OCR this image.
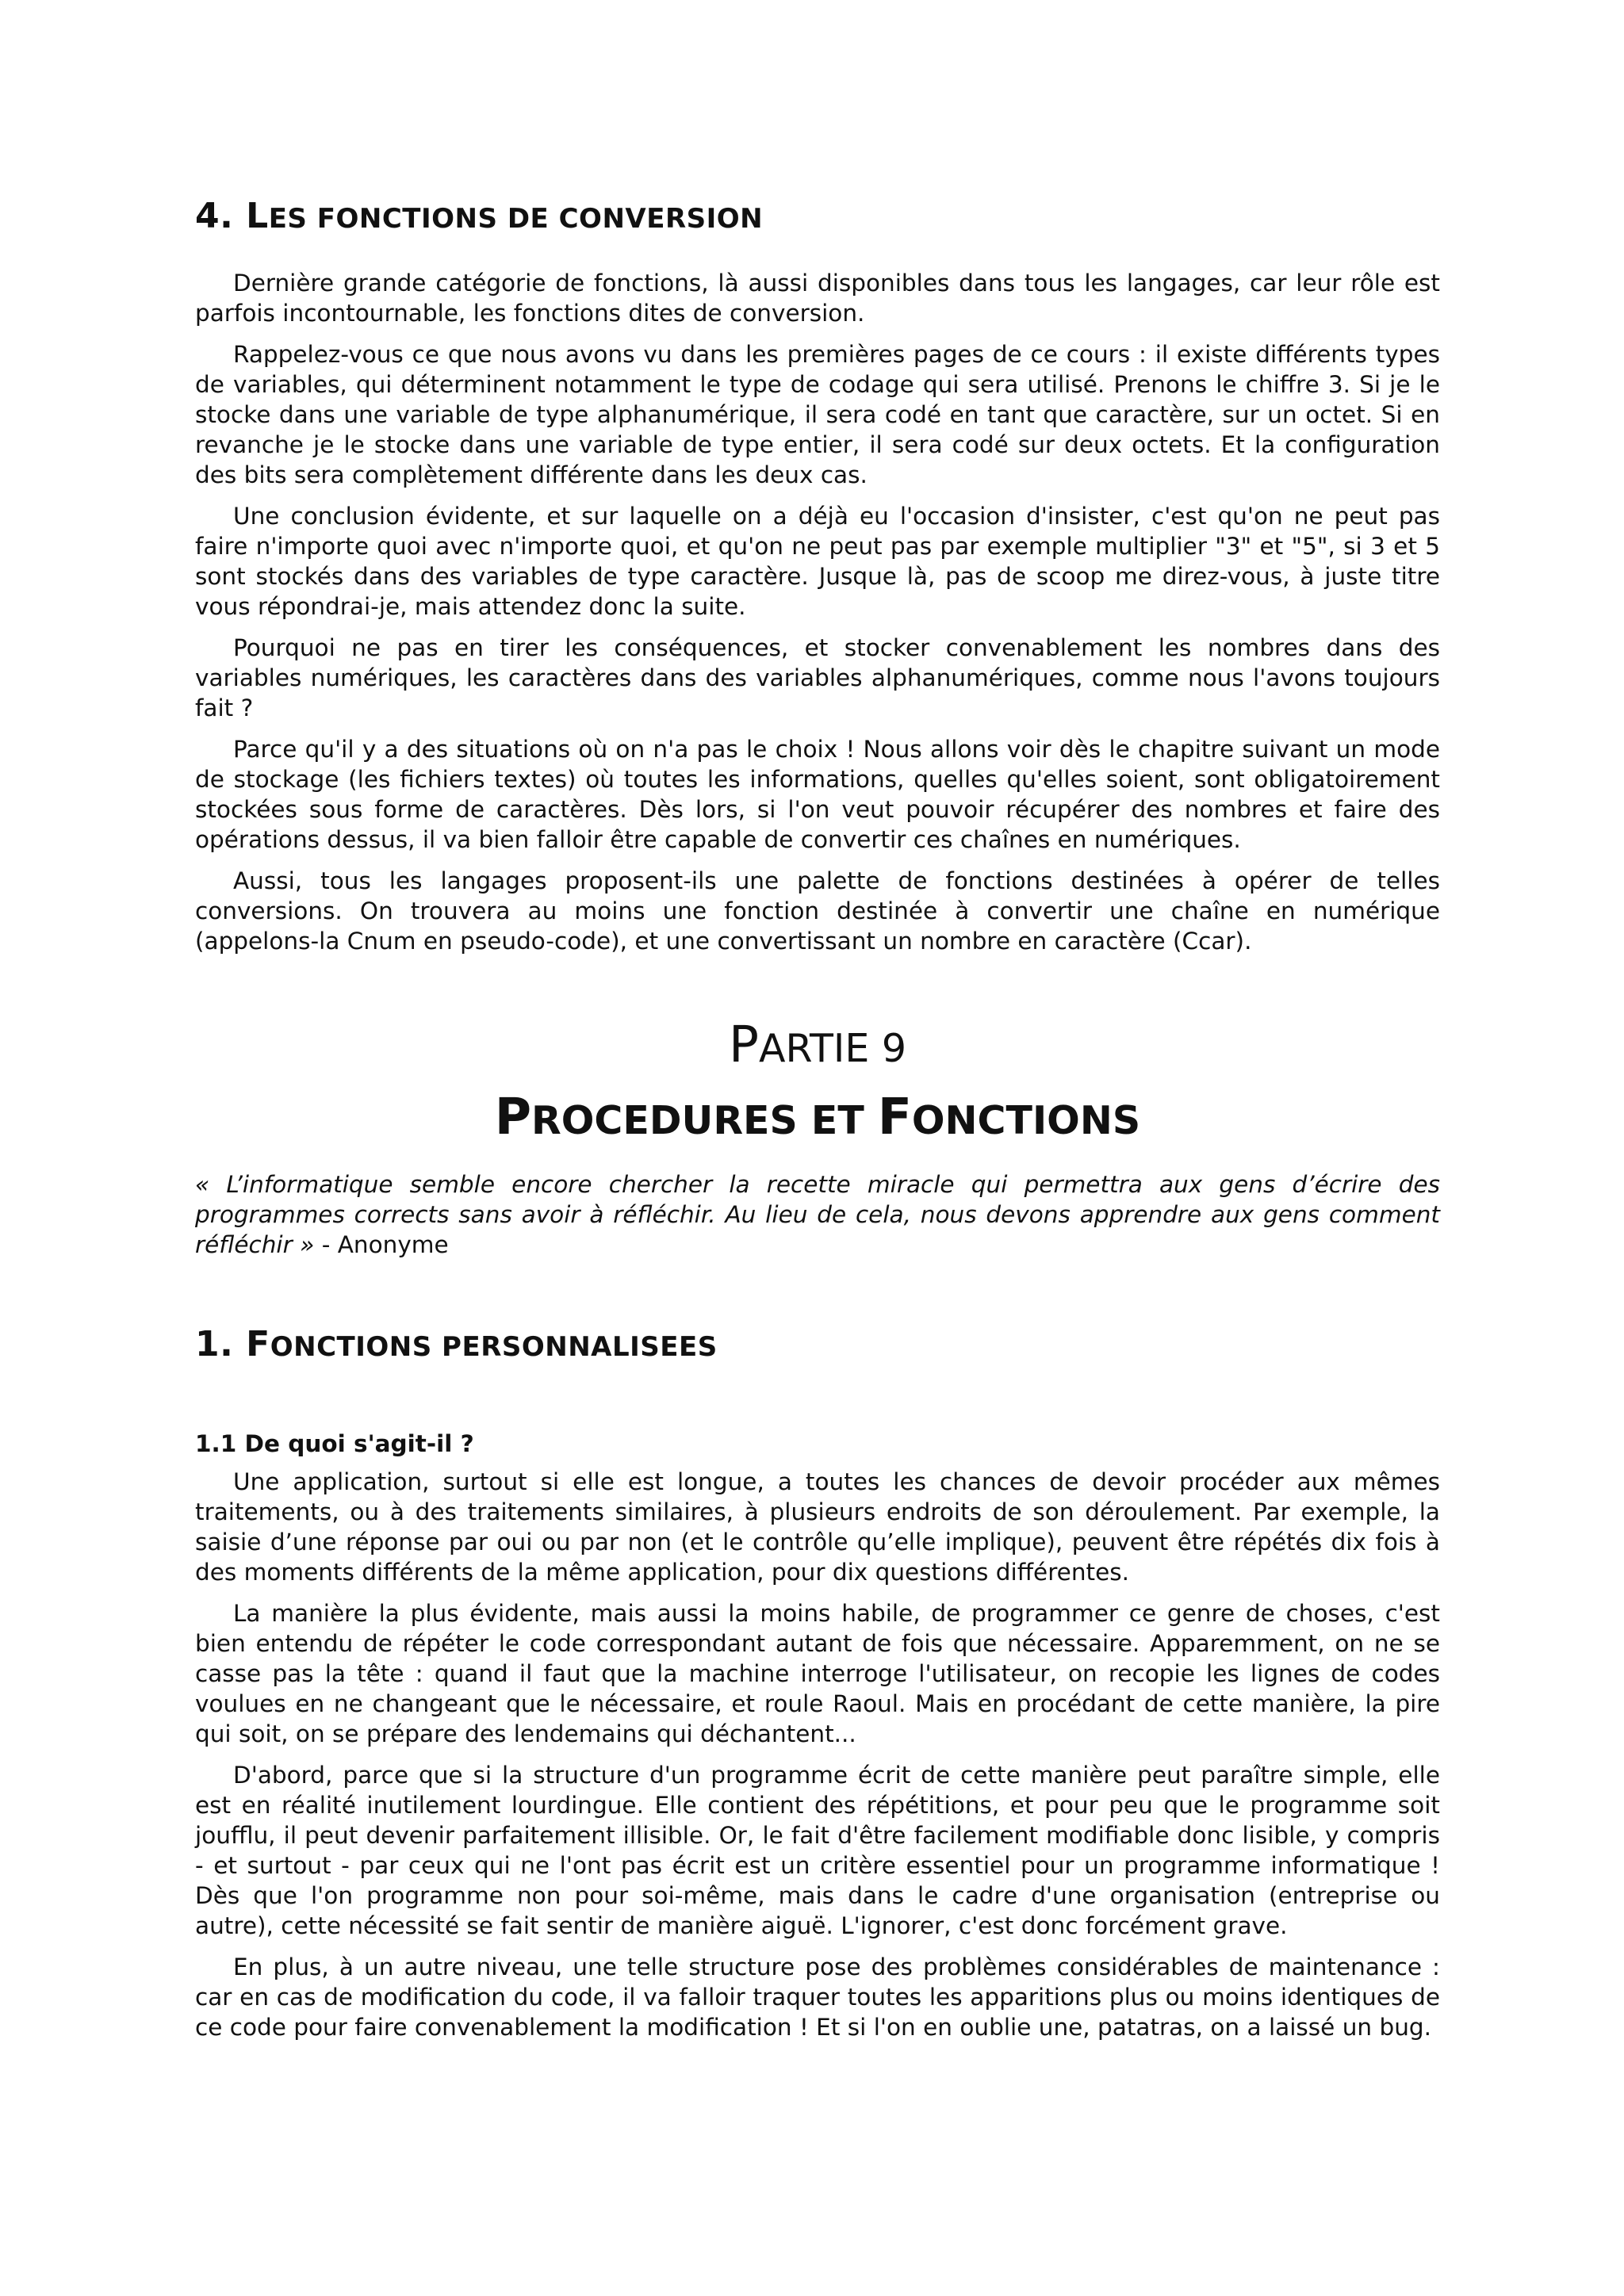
4. LES FONCTIONS DE CONVERSION

Dernière grande catégorie de fonctions, là aussi disponibles dans tous les langages, car leur rôle est parfois incontournable, les fonctions dites de conversion.

Rappelez-vous ce que nous avons vu dans les premières pages de ce cours : il existe différents types de variables, qui déterminent notamment le type de codage qui sera utilisé. Prenons le chiffre 3. Si je le stocke dans une variable de type alphanumérique, il sera codé en tant que caractère, sur un octet. Si en revanche je le stocke dans une variable de type entier, il sera codé sur deux octets. Et la configuration des bits sera complètement différente dans les deux cas.

Une conclusion évidente, et sur laquelle on a déjà eu l'occasion d'insister, c'est qu'on ne peut pas faire n'importe quoi avec n'importe quoi, et qu'on ne peut pas par exemple multiplier "3" et "5", si 3 et 5 sont stockés dans des variables de type caractère. Jusque là, pas de scoop me direz-vous, à juste titre vous répondrai-je, mais attendez donc la suite.

Pourquoi ne pas en tirer les conséquences, et stocker convenablement les nombres dans des variables numériques, les caractères dans des variables alphanumériques, comme nous l'avons toujours fait ?

Parce qu'il y a des situations où on n'a pas le choix ! Nous allons voir dès le chapitre suivant un mode de stockage (les fichiers textes) où toutes les informations, quelles qu'elles soient, sont obligatoirement stockées sous forme de caractères. Dès lors, si l'on veut pouvoir récupérer des nombres et faire des opérations dessus, il va bien falloir être capable de convertir ces chaînes en numériques.

Aussi, tous les langages proposent-ils une palette de fonctions destinées à opérer de telles conversions. On trouvera au moins une fonction destinée à convertir une chaîne en numérique (appelons-la Cnum en pseudo-code), et une convertissant un nombre en caractère (Ccar).

PARTIE 9

PROCEDURES ET FONCTIONS

« L’informatique semble encore chercher la recette miracle qui permettra aux gens d’écrire des programmes corrects sans avoir à réfléchir. Au lieu de cela, nous devons apprendre aux gens comment réfléchir » - Anonyme

1. FONCTIONS PERSONNALISEES
1.1 De quoi s'agit-il ?

Une application, surtout si elle est longue, a toutes les chances de devoir procéder aux mêmes traitements, ou à des traitements similaires, à plusieurs endroits de son déroulement. Par exemple, la saisie d’une réponse par oui ou par non (et le contrôle qu’elle implique), peuvent être répétés dix fois à des moments différents de la même application, pour dix questions différentes.

La manière la plus évidente, mais aussi la moins habile, de programmer ce genre de choses, c'est bien entendu de répéter le code correspondant autant de fois que nécessaire. Apparemment, on ne se casse pas la tête : quand il faut que la machine interroge l'utilisateur, on recopie les lignes de codes voulues en ne changeant que le nécessaire, et roule Raoul. Mais en procédant de cette manière, la pire qui soit, on se prépare des lendemains qui déchantent...

D'abord, parce que si la structure d'un programme écrit de cette manière peut paraître simple, elle est en réalité inutilement lourdingue. Elle contient des répétitions, et pour peu que le programme soit joufflu, il peut devenir parfaitement illisible. Or, le fait d'être facilement modifiable donc lisible, y compris - et surtout - par ceux qui ne l'ont pas écrit est un critère essentiel pour un programme informatique ! Dès que l'on programme non pour soi-même, mais dans le cadre d'une organisation (entreprise ou autre), cette nécessité se fait sentir de manière aiguë. L'ignorer, c'est donc forcément grave.

En plus, à un autre niveau, une telle structure pose des problèmes considérables de maintenance : car en cas de modification du code, il va falloir traquer toutes les apparitions plus ou moins identiques de ce code pour faire convenablement la modification ! Et si l'on en oublie une, patatras, on a laissé un bug.
